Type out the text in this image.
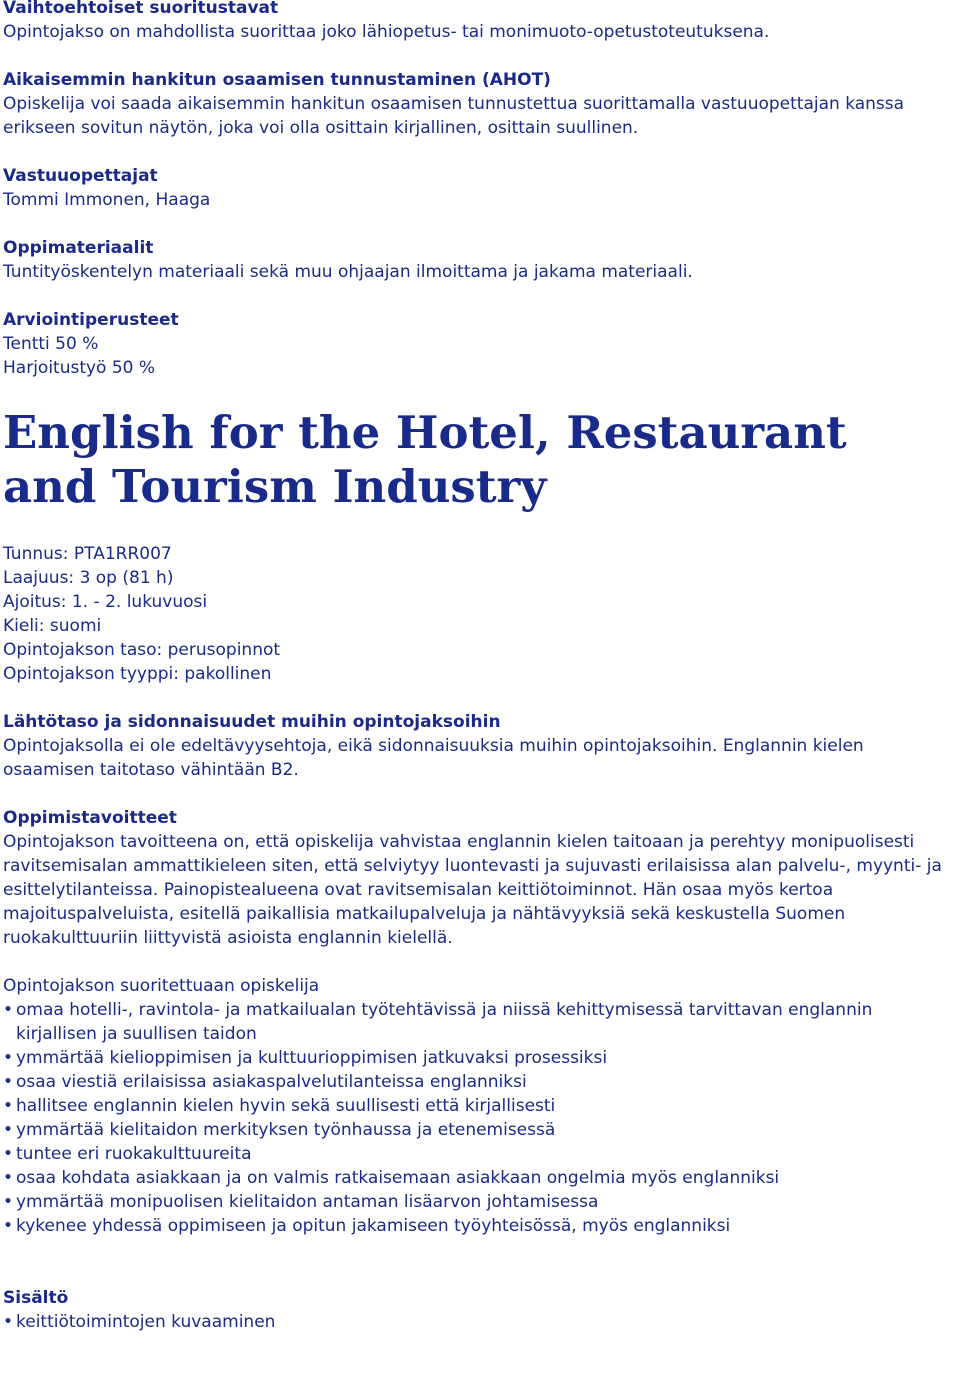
Vaihtoehtoiset suoritustavat

Opintojakso on mahdollista suorittaa joko lähiopetus- tai monimuoto-opetustoteutuksena.

Aikaisemmin hankitun osaamisen tunnustaminen (AHOT)

Opiskelija voi saada aikaisemmin hankitun osaamisen tunnustettua suorittamalla vastuuopettajan kanssa erikseen sovitun näytön, joka voi olla osittain kirjallinen, osittain suullinen.

Vastuuopettajat

Tommi Immonen, Haaga

Oppimateriaalit

Tuntityöskentelyn materiaali sekä muu ohjaajan ilmoittama ja jakama materiaali.

Arviointiperusteet

Tentti 50 %

Harjoitustyö 50 %

English for the Hotel, Restaurant and Tourism Industry

Tunnus: PTA1RR007

Laajuus: 3 op (81 h)

Ajoitus: 1. - 2. lukuvuosi

Kieli: suomi

Opintojakson taso: perusopinnot

Opintojakson tyyppi: pakollinen

Lähtötaso ja sidonnaisuudet muihin opintojaksoihin

Opintojaksolla ei ole edeltävyysehtoja, eikä sidonnaisuuksia muihin opintojaksoihin. Englannin kielen osaamisen taitotaso vähintään B2.

Oppimistavoitteet

Opintojakson tavoitteena on, että opiskelija vahvistaa englannin kielen taitoaan ja perehtyy monipuolisesti ravitsemisalan ammattikieleen siten, että selviytyy luontevasti ja sujuvasti erilaisissa alan palvelu-, myynti- ja esittelytilanteissa. Painopistealueena ovat ravitsemisalan keittiötoiminnot. Hän osaa myös kertoa majoituspalveluista, esitellä paikallisia matkailupalveluja ja nähtävyyksiä sekä keskustella Suomen ruokakulttuuriin liittyvistä asioista englannin kielellä.

Opintojakson suoritettuaan opiskelija

• omaa hotelli-, ravintola- ja matkailualan työtehtävissä ja niissä kehittymisessä tarvittavan englannin kirjallisen ja suullisen taidon
• ymmärtää kielioppimisen ja kulttuurioppimisen jatkuvaksi prosessiksi
• osaa viestiä erilaisissa asiakaspalvelutilanteissa englanniksi
• hallitsee englannin kielen hyvin sekä suullisesti että kirjallisesti
• ymmärtää kielitaidon merkityksen työnhaussa ja etenemisessä
• tuntee eri ruokakulttuureita
• osaa kohdata asiakkaan ja on valmis ratkaisemaan asiakkaan ongelmia myös englanniksi
• ymmärtää monipuolisen kielitaidon antaman lisäarvon johtamisessa
• kykenee yhdessä oppimiseen ja opitun jakamiseen työyhteisössä, myös englanniksi
Sisältö
• keittiötoimintojen kuvaaminen
